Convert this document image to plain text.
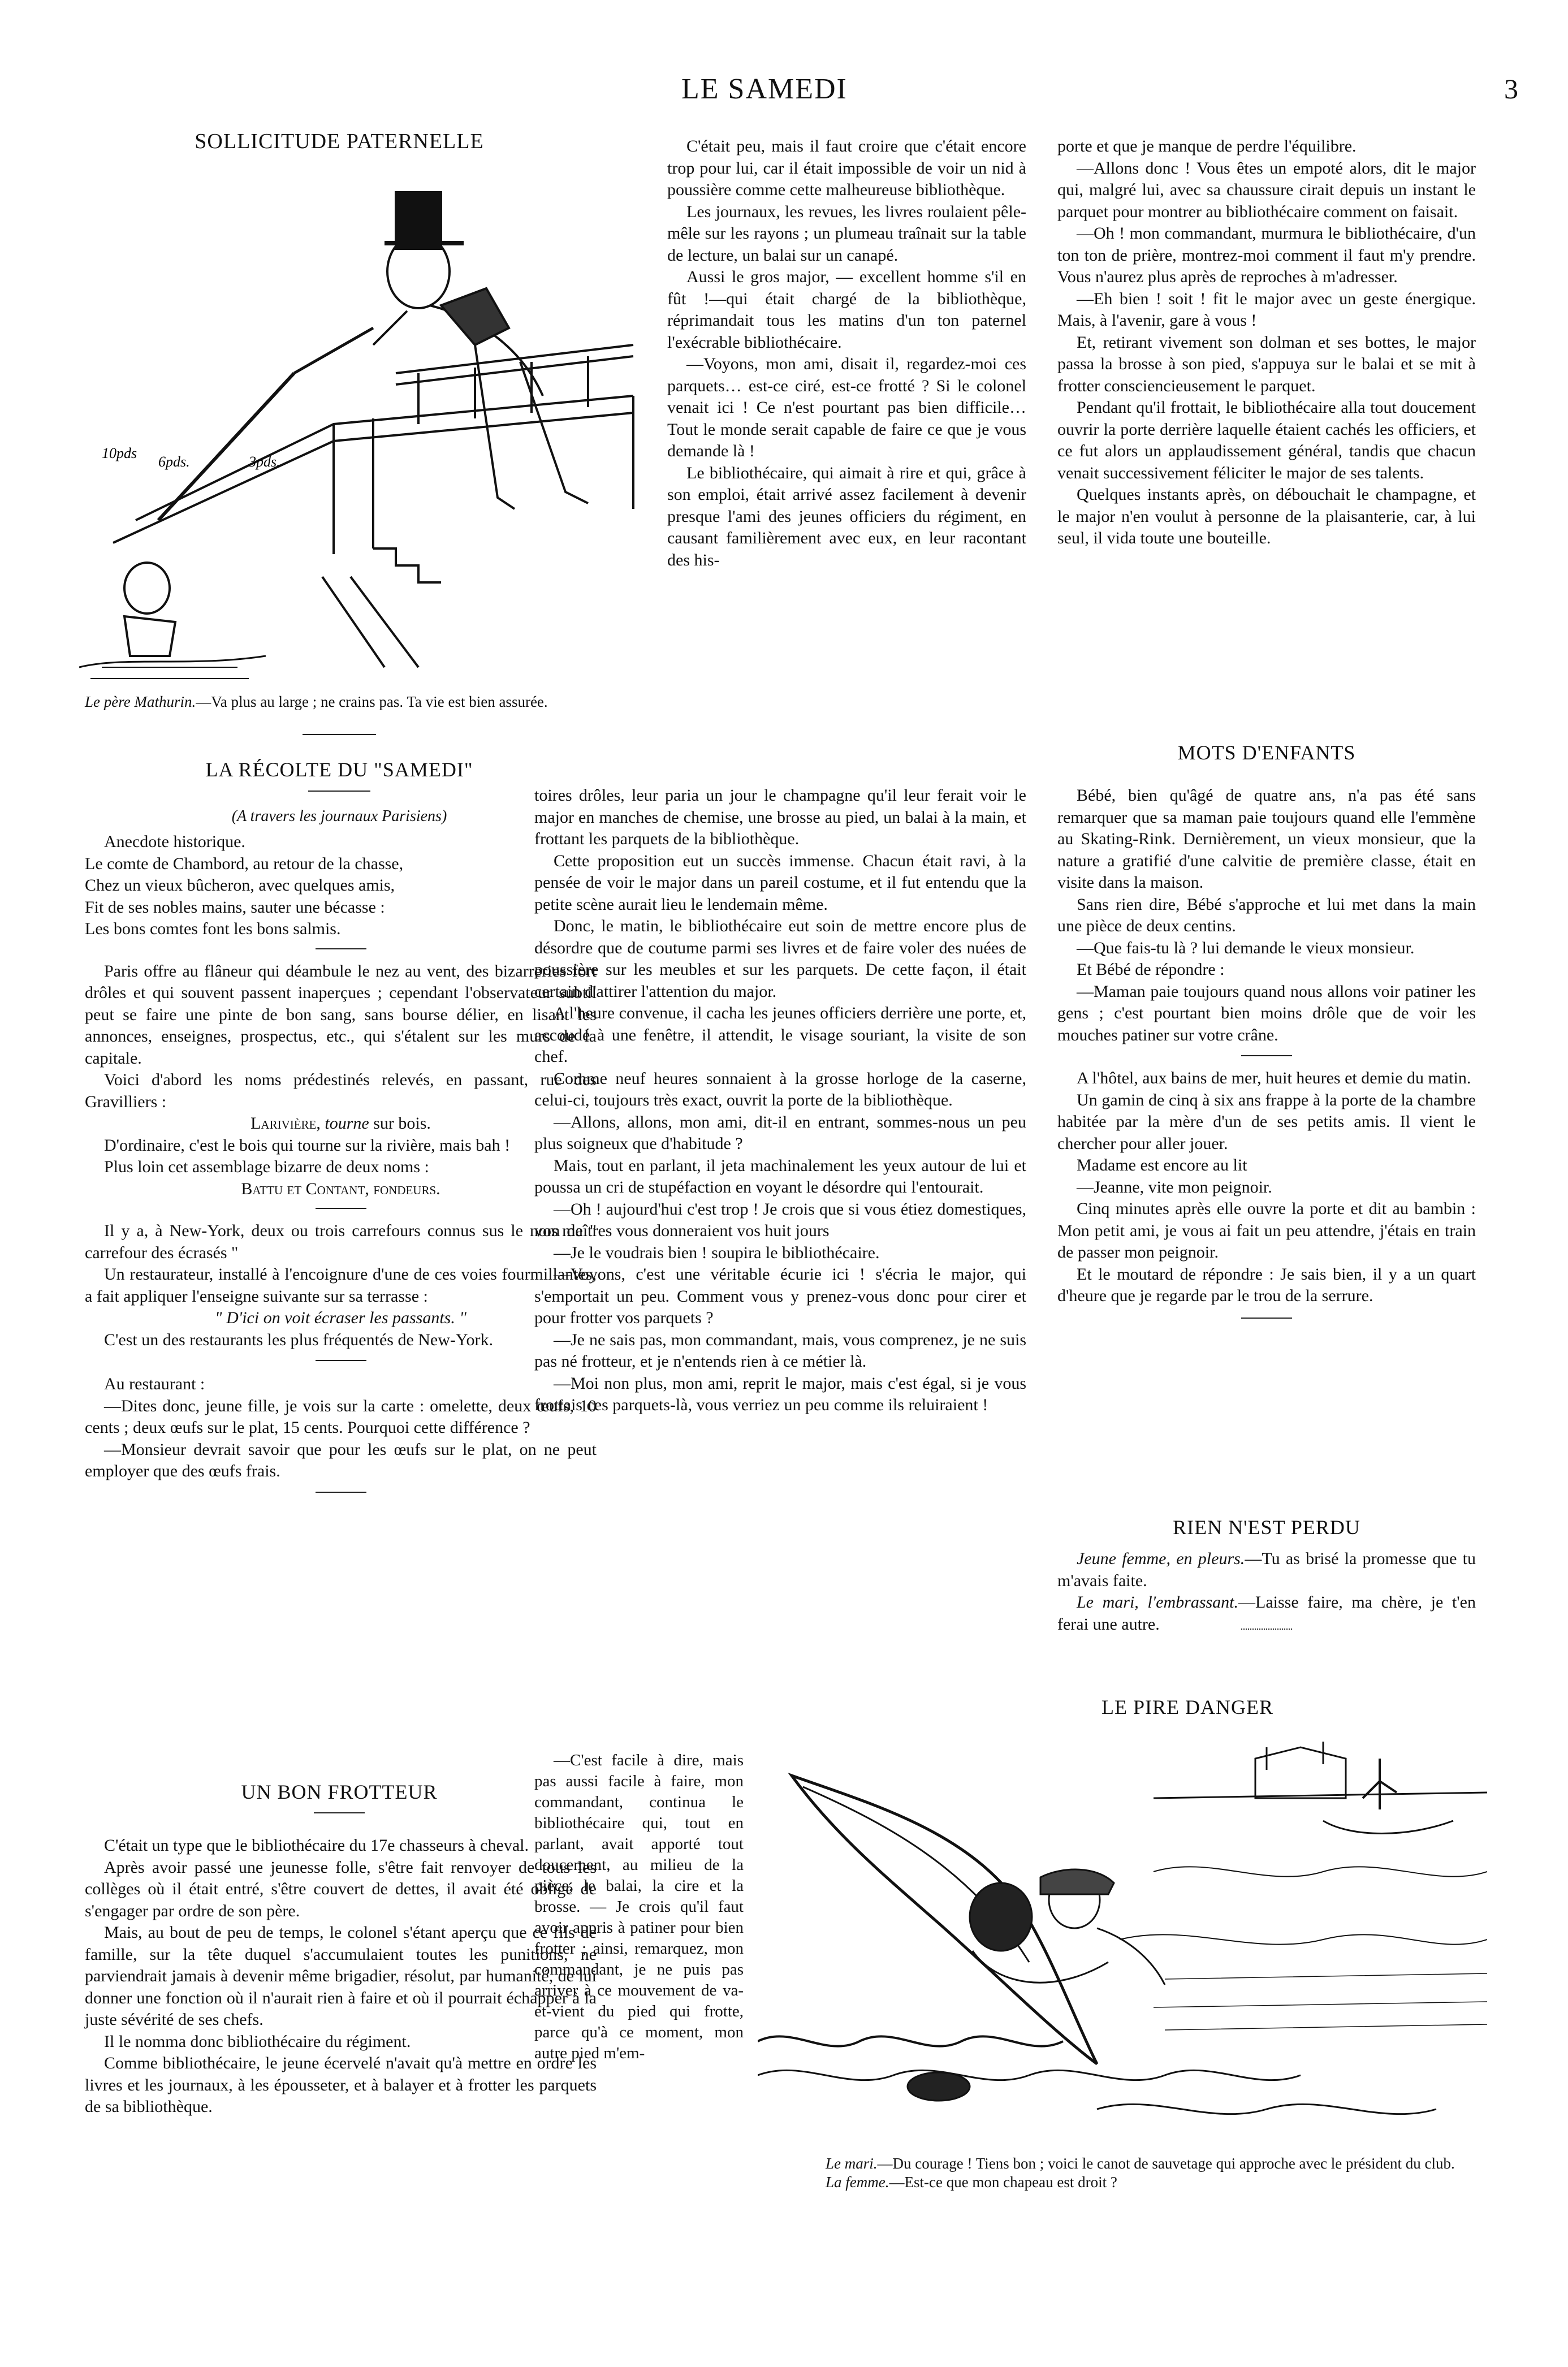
LE SAMEDI	3
SOLLICITUDE PATERNELLE
10pds
6pds.	3pds.
Le père Mathurin.—Va plus au large ; ne crains pas. Ta vie est bien assurée.
LA RÉCOLTE DU "SAMEDI"
(A travers les journaux Parisiens)

Anecdote historique.

Le comte de Chambord, au retour de la chasse,
Chez un vieux bûcheron, avec quelques amis,
Fit de ses nobles mains, sauter une bécasse :
Les bons comtes font les bons salmis.

Paris offre au flâneur qui déambule le nez au vent, des bizarreries fort drôles et qui souvent passent inaperçues ; cependant l'observateur subtil peut se faire une pinte de bon sang, sans bourse délier, en lisant les annonces, enseignes, prospectus, etc., qui s'étalent sur les murs de la capitale.

Voici d'abord les noms prédestinés relevés, en passant, rue des Gravilliers :

Larivière, tourne sur bois.

D'ordinaire, c'est le bois qui tourne sur la rivière, mais bah !

Plus loin cet assemblage bizarre de deux noms :

Battu et Contant, fondeurs.

Il y a, à New-York, deux ou trois carrefours connus sus le nom de " carrefour des écrasés "

Un restaurateur, installé à l'encoignure d'une de ces voies fourmillantes, a fait appliquer l'enseigne suivante sur sa terrasse :

" D'ici on voit écraser les passants. "

C'est un des restaurants les plus fréquentés de New-York.

Au restaurant :

—Dites donc, jeune fille, je vois sur la carte : omelette, deux œufs, 10 cents ; deux œufs sur le plat, 15 cents. Pourquoi cette différence ?

—Monsieur devrait savoir que pour les œufs sur le plat, on ne peut employer que des œufs frais.

UN BON FROTTEUR

C'était un type que le bibliothécaire du 17e chasseurs à cheval.

Après avoir passé une jeunesse folle, s'être fait renvoyer de tous les collèges où il était entré, s'être couvert de dettes, il avait été obligé de s'engager par ordre de son père.

Mais, au bout de peu de temps, le colonel s'étant aperçu que ce fils de famille, sur la tête duquel s'accumulaient toutes les punitions, ne parviendrait jamais à devenir même brigadier, résolut, par humanité, de lui donner une fonction où il n'aurait rien à faire et où il pourrait échapper à la juste sévérité de ses chefs.

Il le nomma donc bibliothécaire du régiment.

Comme bibliothécaire, le jeune écervelé n'avait qu'à mettre en ordre les livres et les journaux, à les épousseter, et à balayer et à frotter les parquets de sa bibliothèque.

C'était peu, mais il faut croire que c'était encore trop pour lui, car il était impossible de voir un nid à poussière comme cette malheureuse bibliothèque.

Les journaux, les revues, les livres roulaient pêle-mêle sur les rayons ; un plumeau traînait sur la table de lecture, un balai sur un canapé.

Aussi le gros major, — excellent homme s'il en fût !—qui était chargé de la bibliothèque, réprimandait tous les matins d'un ton paternel l'exécrable bibliothécaire.

—Voyons, mon ami, disait il, regardez-moi ces parquets… est-ce ciré, est-ce frotté ? Si le colonel venait ici ! Ce n'est pourtant pas bien difficile… Tout le monde serait capable de faire ce que je vous demande là !

Le bibliothécaire, qui aimait à rire et qui, grâce à son emploi, était arrivé assez facilement à devenir presque l'ami des jeunes officiers du régiment, en causant familièrement avec eux, en leur racontant des his-

toires drôles, leur paria un jour le champagne qu'il leur ferait voir le major en manches de chemise, une brosse au pied, un balai à la main, et frottant les parquets de la bibliothèque.

Cette proposition eut un succès immense. Chacun était ravi, à la pensée de voir le major dans un pareil costume, et il fut entendu que la petite scène aurait lieu le lendemain même.

Donc, le matin, le bibliothécaire eut soin de mettre encore plus de désordre que de coutume parmi ses livres et de faire voler des nuées de poussière sur les meubles et sur les parquets. De cette façon, il était certain d'attirer l'attention du major.

A l'heure convenue, il cacha les jeunes officiers derrière une porte, et, accoudé à une fenêtre, il attendit, le visage souriant, la visite de son chef.

Comme neuf heures sonnaient à la grosse horloge de la caserne, celui-ci, toujours très exact, ouvrit la porte de la bibliothèque.

—Allons, allons, mon ami, dit-il en entrant, sommes-nous un peu plus soigneux que d'habitude ?

Mais, tout en parlant, il jeta machinalement les yeux autour de lui et poussa un cri de stupéfaction en voyant le désordre qui l'entourait.

—Oh ! aujourd'hui c'est trop ! Je crois que si vous étiez domestiques, vos maîtres vous donneraient vos huit jours

—Je le voudrais bien ! soupira le bibliothécaire.

—Voyons, c'est une véritable écurie ici ! s'écria le major, qui s'emportait un peu. Comment vous y prenez-vous donc pour cirer et pour frotter vos parquets ?

—Je ne sais pas, mon commandant, mais, vous comprenez, je ne suis pas né frotteur, et je n'entends rien à ce métier là.

—Moi non plus, mon ami, reprit le major, mais c'est égal, si je vous frottais ces parquets-là, vous verriez un peu comme ils reluiraient !

—C'est facile à dire, mais pas aussi facile à faire, mon commandant, continua le bibliothécaire qui, tout en parlant, avait apporté tout doucement, au milieu de la pièce, le balai, la cire et la brosse. — Je crois qu'il faut avoir appris à patiner pour bien frotter ; ainsi, remarquez, mon commandant, je ne puis pas arriver à ce mouvement de va-et-vient du pied qui frotte, parce qu'à ce moment, mon autre pied m'em-

porte et que je manque de perdre l'équilibre.

—Allons donc ! Vous êtes un empoté alors, dit le major qui, malgré lui, avec sa chaussure cirait depuis un instant le parquet pour montrer au bibliothécaire comment on faisait.

—Oh ! mon commandant, murmura le bibliothécaire, d'un ton ton de prière, montrez-moi comment il faut m'y prendre. Vous n'aurez plus après de reproches à m'adresser.

—Eh bien ! soit ! fit le major avec un geste énergique. Mais, à l'avenir, gare à vous !

Et, retirant vivement son dolman et ses bottes, le major passa la brosse à son pied, s'appuya sur le balai et se mit à frotter consciencieusement le parquet.

Pendant qu'il frottait, le bibliothécaire alla tout doucement ouvrir la porte derrière laquelle étaient cachés les officiers, et ce fut alors un applaudissement général, tandis que chacun venait successivement féliciter le major de ses talents.

Quelques instants après, on débouchait le champagne, et le major n'en voulut à personne de la plaisanterie, car, à lui seul, il vida toute une bouteille.

MOTS D'ENFANTS

Bébé, bien qu'âgé de quatre ans, n'a pas été sans remarquer que sa maman paie toujours quand elle l'emmène au Skating-Rink. Dernièrement, un vieux monsieur, que la nature a gratifié d'une calvitie de première classe, était en visite dans la maison.

Sans rien dire, Bébé s'approche et lui met dans la main une pièce de deux centins.

—Que fais-tu là ? lui demande le vieux monsieur.

Et Bébé de répondre :

—Maman paie toujours quand nous allons voir patiner les gens ; c'est pourtant bien moins drôle que de voir les mouches patiner sur votre crâne.

A l'hôtel, aux bains de mer, huit heures et demie du matin.

Un gamin de cinq à six ans frappe à la porte de la chambre habitée par la mère d'un de ses petits amis. Il vient le chercher pour aller jouer.

Madame est encore au lit

—Jeanne, vite mon peignoir.

Cinq minutes après elle ouvre la porte et dit au bambin : Mon petit ami, je vous ai fait un peu attendre, j'étais en train de passer mon peignoir.

Et le moutard de répondre : Je sais bien, il y a un quart d'heure que je regarde par le trou de la serrure.

RIEN N'EST PERDU

Jeune femme, en pleurs.—Tu as brisé la promesse que tu m'avais faite.

Le mari, l'embrassant.—Laisse faire, ma chère, je t'en ferai une autre.

LE PIRE DANGER
Le mari.—Du courage ! Tiens bon ; voici le canot de sauvetage qui approche avec le président du club.
La femme.—Est-ce que mon chapeau est droit ?
